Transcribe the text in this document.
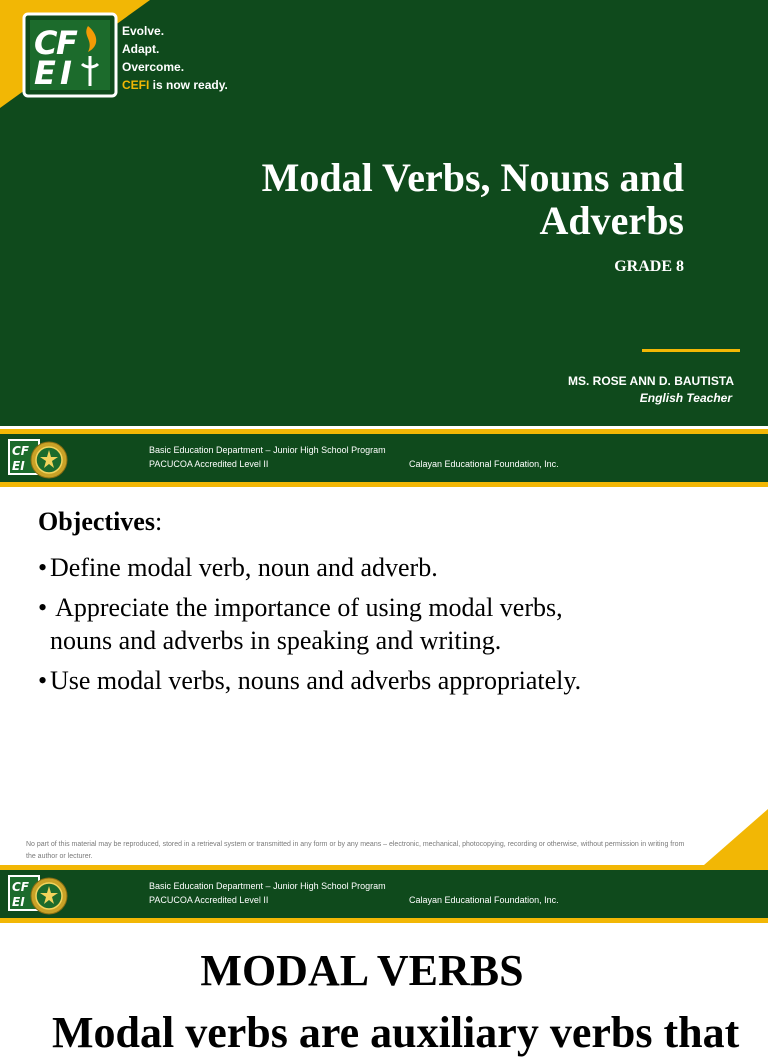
C
F
E I
Evolve.
Adapt.
Overcome.
CEFI is now ready.
Modal Verbs, Nouns and
Adverbs
GRADE 8
MS. ROSE ANN D. BAUTISTA
English Teacher
CF
EI
Basic Education Department – Junior High School Program
PACUCOA Accredited Level II	Calayan Educational Foundation, Inc.
Objectives:
• Define modal verb, noun and adverb.
• Appreciate the importance of using modal verbs,
nouns and adverbs in speaking and writing.
• Use modal verbs, nouns and adverbs appropriately.
No part of this material may be reproduced, stored in a retrieval system or transmitted in any form or by any means – electronic, mechanical, photocopying, recording or otherwise, without permission in writing from the author or lecturer.
CF
EI
Basic Education Department – Junior High School Program
PACUCOA Accredited Level II	Calayan Educational Foundation, Inc.
MODAL VERBS
Modal verbs are auxiliary verbs that
